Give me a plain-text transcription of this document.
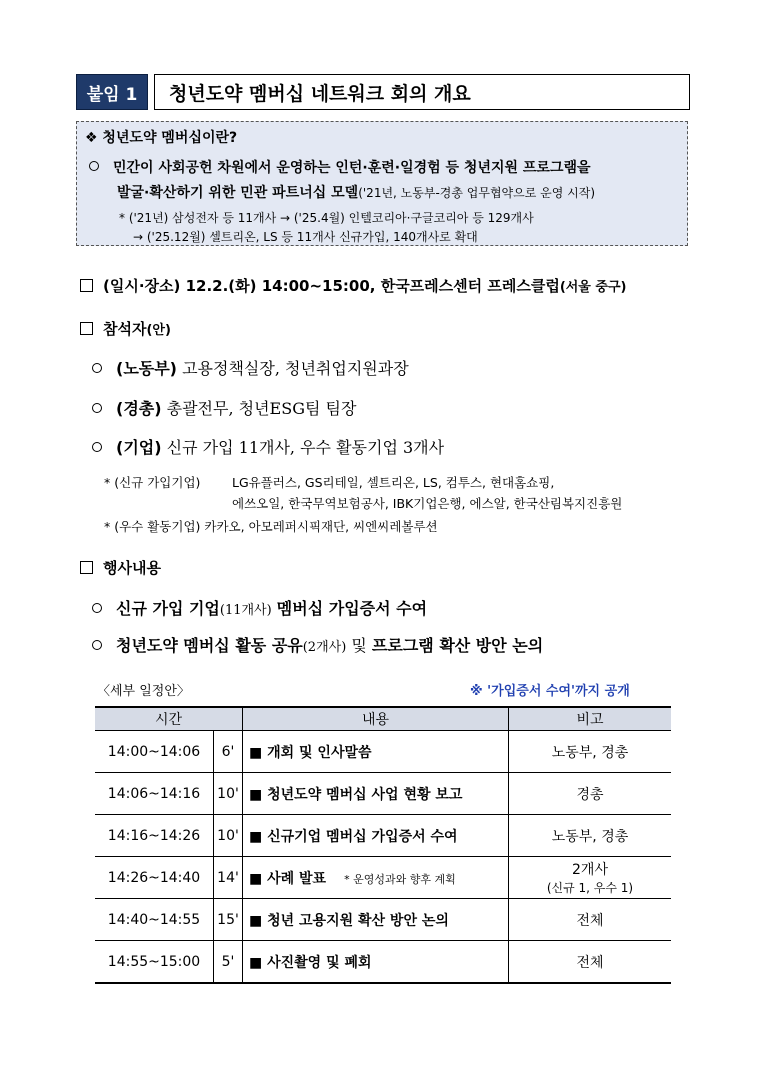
붙임 1	청년도약 멤버십 네트워크 회의 개요
❖ 청년도약 멤버십이란?
민간이 사회공헌 차원에서 운영하는 인턴·훈련·일경험 등 청년지원 프로그램을
발굴·확산하기 위한 민관 파트너십 모델('21년, 노동부-경총 업무협약으로 운영 시작)
* ('21년) 삼성전자 등 11개사 → ('25.4월) 인텔코리아·구글코리아 등 129개사
→ ('25.12월) 셀트리온, LS 등 11개사 신규가입, 140개사로 확대
(일시·장소) 12.2.(화) 14:00~15:00, 한국프레스센터 프레스클럽(서울 중구)
참석자(안)
(노동부) 고용정책실장, 청년취업지원과장
(경총) 총괄전무, 청년ESG팀 팀장
(기업) 신규 가입 11개사, 우수 활동기업 3개사
* (신규 가입기업)	LG유플러스, GS리테일, 셀트리온, LS, 컴투스, 현대홈쇼핑,
에쓰오일, 한국무역보험공사, IBK기업은행, 에스알, 한국산림복지진흥원
* (우수 활동기업) 카카오, 아모레퍼시픽재단, 씨엔씨레볼루션
행사내용
신규 가입 기업(11개사) 멤버십 가입증서 수여
청년도약 멤버십 활동 공유(2개사) 및 프로그램 확산 방안 논의
〈세부 일정안〉	※ '가입증서 수여'까지 공개
시간		내용	비고
14:00~14:06	6'	■ 개회 및 인사말씀	노동부, 경총
14:06~14:16	10'	■ 청년도약 멤버십 사업 현황 보고	경총
14:16~14:26	10'	■ 신규기업 멤버십 가입증서 수여	노동부, 경총
14:26~14:40	14'	■ 사례 발표 * 운영성과와 향후 계획	2개사
(신규 1, 우수 1)

14:40~14:55	15'	■ 청년 고용지원 확산 방안 논의	전체
14:55~15:00	5'	■ 사진촬영 및 폐회	전체
